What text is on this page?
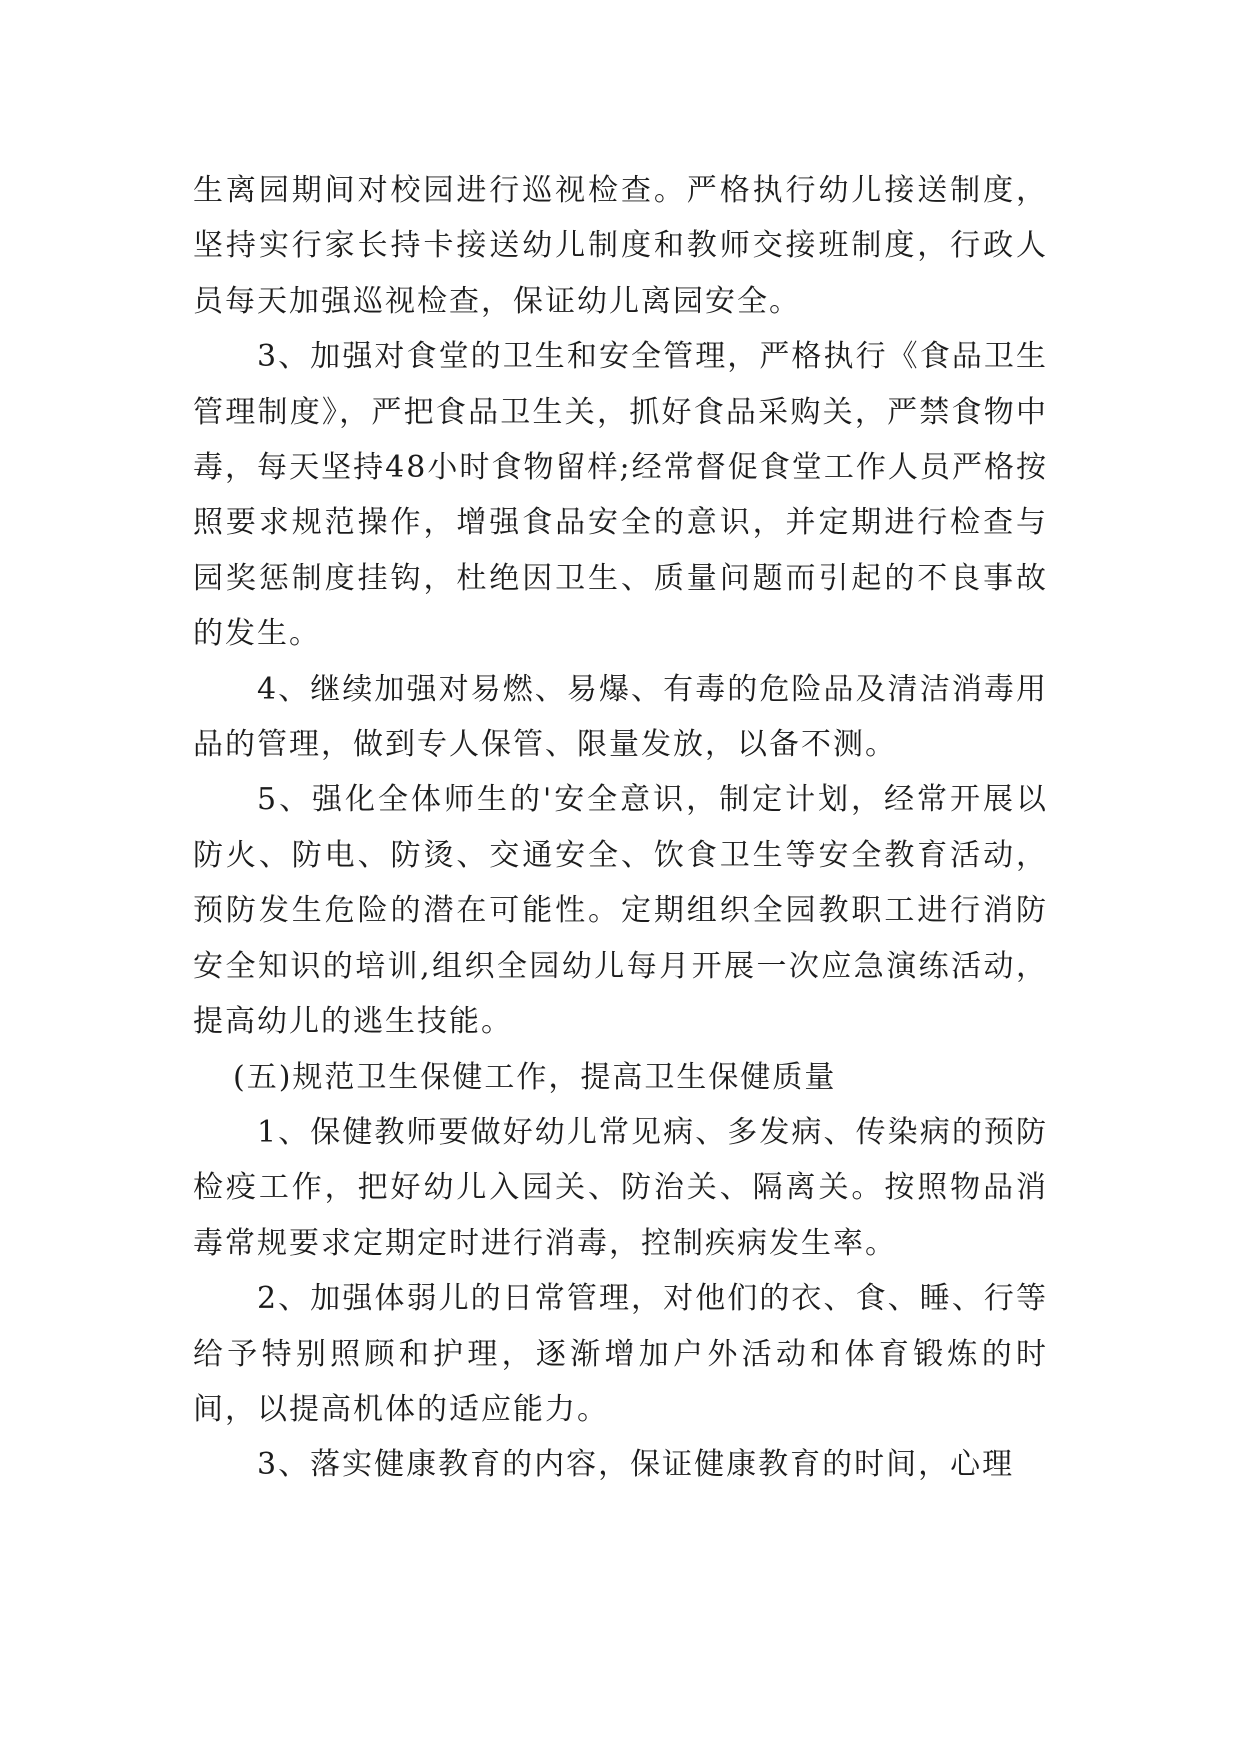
生离园期间对校园进行巡视检查。严格执行幼儿接送制度，坚持实行家长持卡接送幼儿制度和教师交接班制度，行政人员每天加强巡视检查，保证幼儿离园安全。

3、加强对食堂的卫生和安全管理，严格执行《食品卫生管理制度》，严把食品卫生关，抓好食品采购关，严禁食物中毒，每天坚持48小时食物留样;经常督促食堂工作人员严格按照要求规范操作，增强食品安全的意识，并定期进行检查与园奖惩制度挂钩，杜绝因卫生、质量问题而引起的不良事故的发生。

4、继续加强对易燃、易爆、有毒的危险品及清洁消毒用品的管理，做到专人保管、限量发放，以备不测。

5、强化全体师生的'安全意识，制定计划，经常开展以防火、防电、防烫、交通安全、饮食卫生等安全教育活动，预防发生危险的潜在可能性。定期组织全园教职工进行消防安全知识的培训,组织全园幼儿每月开展一次应急演练活动，提高幼儿的逃生技能。

(五)规范卫生保健工作，提高卫生保健质量

1、保健教师要做好幼儿常见病、多发病、传染病的预防检疫工作，把好幼儿入园关、防治关、隔离关。按照物品消毒常规要求定期定时进行消毒，控制疾病发生率。

2、加强体弱儿的日常管理，对他们的衣、食、睡、行等给予特别照顾和护理，逐渐增加户外活动和体育锻炼的时间，以提高机体的适应能力。

3、落实健康教育的内容，保证健康教育的时间，心理
